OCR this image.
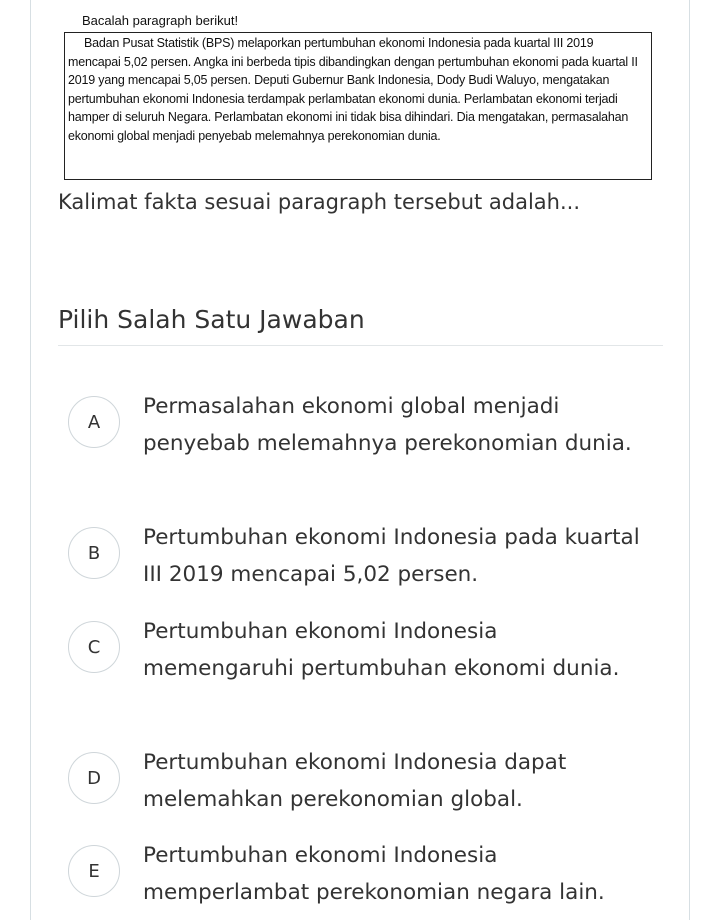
Bacalah paragraph berikut!
Badan Pusat Statistik (BPS) melaporkan pertumbuhan ekonomi Indonesia pada kuartal III 2019 mencapai 5,02 persen. Angka ini berbeda tipis dibandingkan dengan pertumbuhan ekonomi pada kuartal II 2019 yang mencapai 5,05 persen. Deputi Gubernur Bank Indonesia, Dody Budi Waluyo, mengatakan pertumbuhan ekonomi Indonesia terdampak perlambatan ekonomi dunia. Perlambatan ekonomi terjadi hamper di seluruh Negara. Perlambatan ekonomi ini tidak bisa dihindari. Dia mengatakan, permasalahan ekonomi global menjadi penyebab melemahnya perekonomian dunia.
Kalimat fakta sesuai paragraph tersebut adalah...
Pilih Salah Satu Jawaban
A
Permasalahan ekonomi global menjadi penyebab melemahnya perekonomian dunia.
B
Pertumbuhan ekonomi Indonesia pada kuartal III 2019 mencapai 5,02 persen.
C
Pertumbuhan ekonomi Indonesia memengaruhi pertumbuhan ekonomi dunia.
D
Pertumbuhan ekonomi Indonesia dapat melemahkan perekonomian global.
E
Pertumbuhan ekonomi Indonesia memperlambat perekonomian negara lain.
